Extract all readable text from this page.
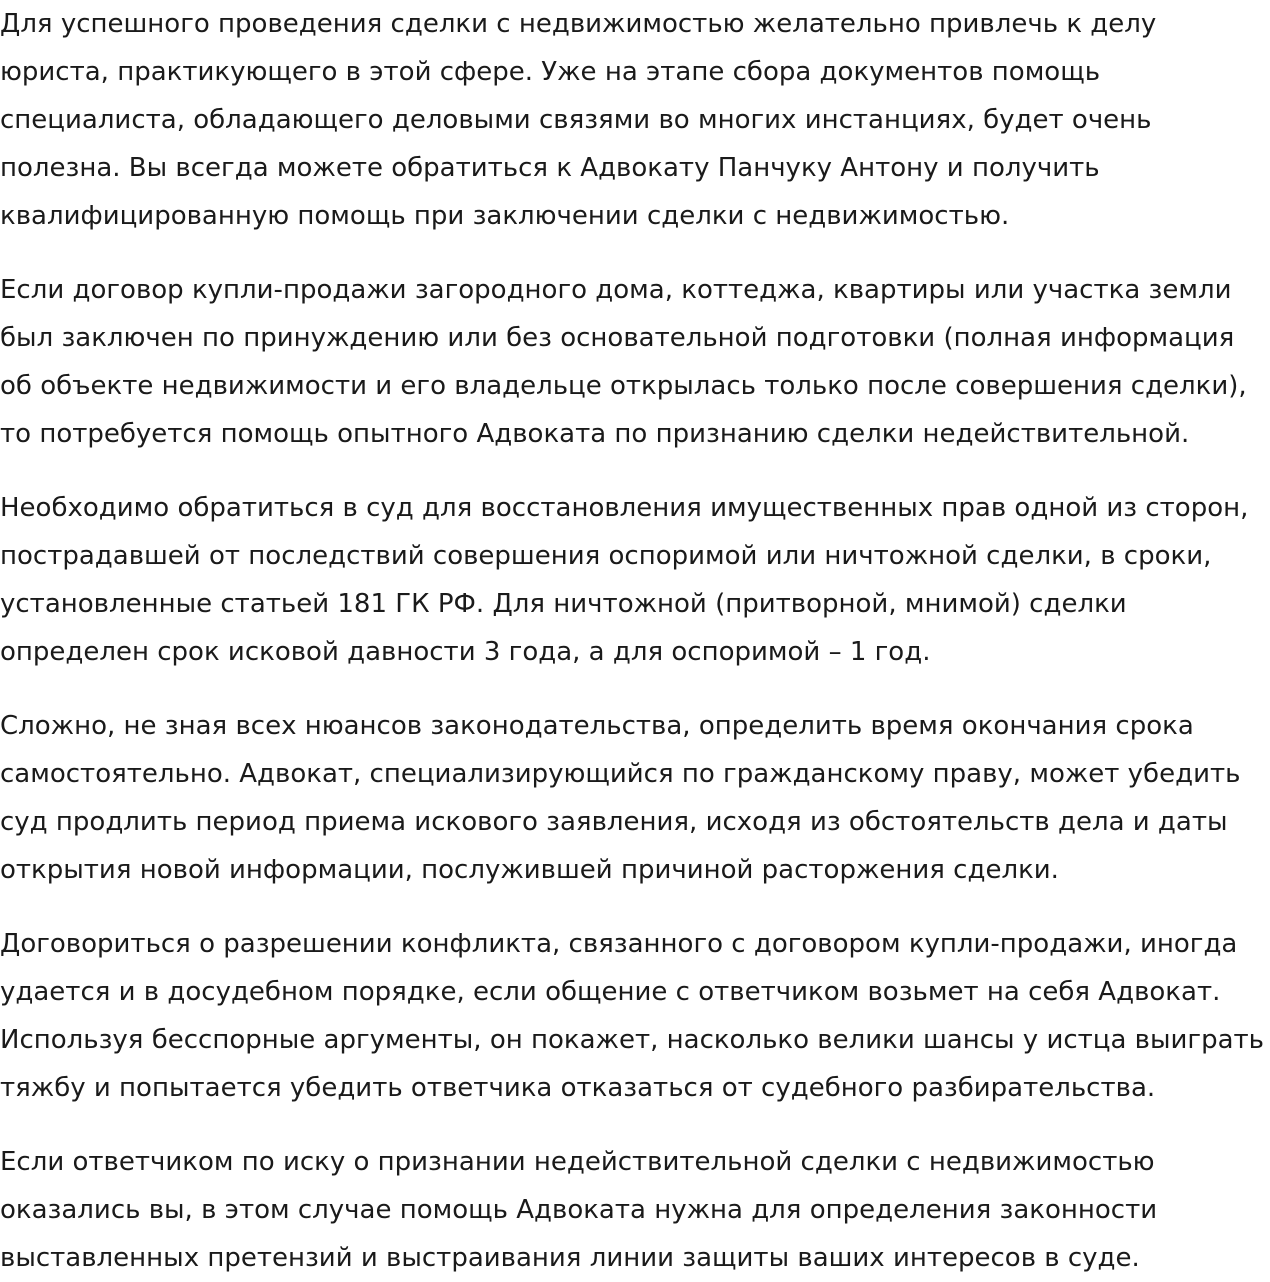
Для успешного проведения сделки с недвижимостью желательно привлечь к делу
юриста, практикующего в этой сфере. Уже на этапе сбора документов помощь
специалиста, обладающего деловыми связями во многих инстанциях, будет очень
полезна. Вы всегда можете обратиться к Адвокату Панчуку Антону и получить
квалифицированную помощь при заключении сделки с недвижимостью.

Если договор купли-продажи загородного дома, коттеджа, квартиры или участка земли
был заключен по принуждению или без основательной подготовки (полная информация
об объекте недвижимости и его владельце открылась только после совершения сделки),
то потребуется помощь опытного Адвоката по признанию сделки недействительной.

Необходимо обратиться в суд для восстановления имущественных прав одной из сторон,
пострадавшей от последствий совершения оспоримой или ничтожной сделки, в сроки,
установленные статьей 181 ГК РФ. Для ничтожной (притворной, мнимой) сделки
определен срок исковой давности 3 года, а для оспоримой – 1 год.

Сложно, не зная всех нюансов законодательства, определить время окончания срока
самостоятельно. Адвокат, специализирующийся по гражданскому праву, может убедить
суд продлить период приема искового заявления, исходя из обстоятельств дела и даты
открытия новой информации, послужившей причиной расторжения сделки.

Договориться о разрешении конфликта, связанного с договором купли-продажи, иногда
удается и в досудебном порядке, если общение с ответчиком возьмет на себя Адвокат.
Используя бесспорные аргументы, он покажет, насколько велики шансы у истца выиграть
тяжбу и попытается убедить ответчика отказаться от судебного разбирательства.

Если ответчиком по иску о признании недействительной сделки с недвижимостью
оказались вы, в этом случае помощь Адвоката нужна для определения законности
выставленных претензий и выстраивания линии защиты ваших интересов в суде.
